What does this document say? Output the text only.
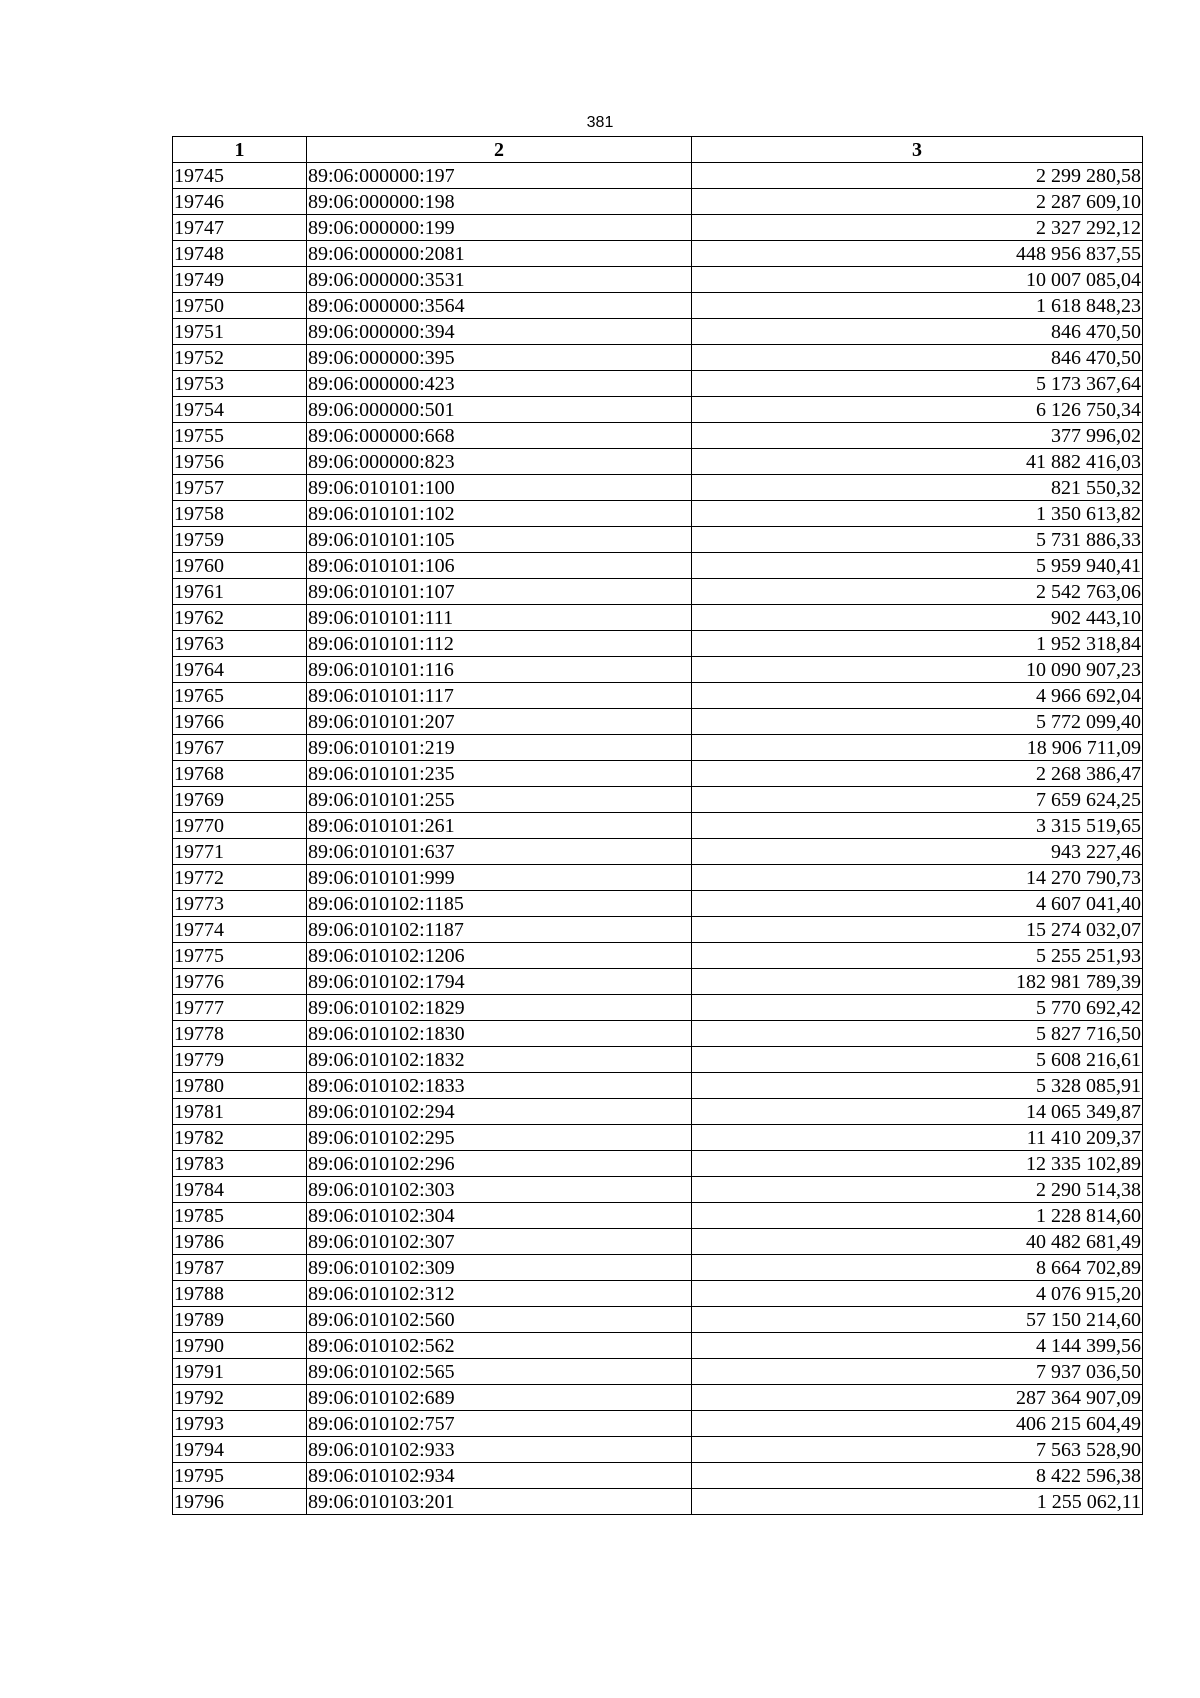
381
1	2	3
19745	89:06:000000:197	2 299 280,58
19746	89:06:000000:198	2 287 609,10
19747	89:06:000000:199	2 327 292,12
19748	89:06:000000:2081	448 956 837,55
19749	89:06:000000:3531	10 007 085,04
19750	89:06:000000:3564	1 618 848,23
19751	89:06:000000:394	846 470,50
19752	89:06:000000:395	846 470,50
19753	89:06:000000:423	5 173 367,64
19754	89:06:000000:501	6 126 750,34
19755	89:06:000000:668	377 996,02
19756	89:06:000000:823	41 882 416,03
19757	89:06:010101:100	821 550,32
19758	89:06:010101:102	1 350 613,82
19759	89:06:010101:105	5 731 886,33
19760	89:06:010101:106	5 959 940,41
19761	89:06:010101:107	2 542 763,06
19762	89:06:010101:111	902 443,10
19763	89:06:010101:112	1 952 318,84
19764	89:06:010101:116	10 090 907,23
19765	89:06:010101:117	4 966 692,04
19766	89:06:010101:207	5 772 099,40
19767	89:06:010101:219	18 906 711,09
19768	89:06:010101:235	2 268 386,47
19769	89:06:010101:255	7 659 624,25
19770	89:06:010101:261	3 315 519,65
19771	89:06:010101:637	943 227,46
19772	89:06:010101:999	14 270 790,73
19773	89:06:010102:1185	4 607 041,40
19774	89:06:010102:1187	15 274 032,07
19775	89:06:010102:1206	5 255 251,93
19776	89:06:010102:1794	182 981 789,39
19777	89:06:010102:1829	5 770 692,42
19778	89:06:010102:1830	5 827 716,50
19779	89:06:010102:1832	5 608 216,61
19780	89:06:010102:1833	5 328 085,91
19781	89:06:010102:294	14 065 349,87
19782	89:06:010102:295	11 410 209,37
19783	89:06:010102:296	12 335 102,89
19784	89:06:010102:303	2 290 514,38
19785	89:06:010102:304	1 228 814,60
19786	89:06:010102:307	40 482 681,49
19787	89:06:010102:309	8 664 702,89
19788	89:06:010102:312	4 076 915,20
19789	89:06:010102:560	57 150 214,60
19790	89:06:010102:562	4 144 399,56
19791	89:06:010102:565	7 937 036,50
19792	89:06:010102:689	287 364 907,09
19793	89:06:010102:757	406 215 604,49
19794	89:06:010102:933	7 563 528,90
19795	89:06:010102:934	8 422 596,38
19796	89:06:010103:201	1 255 062,11
